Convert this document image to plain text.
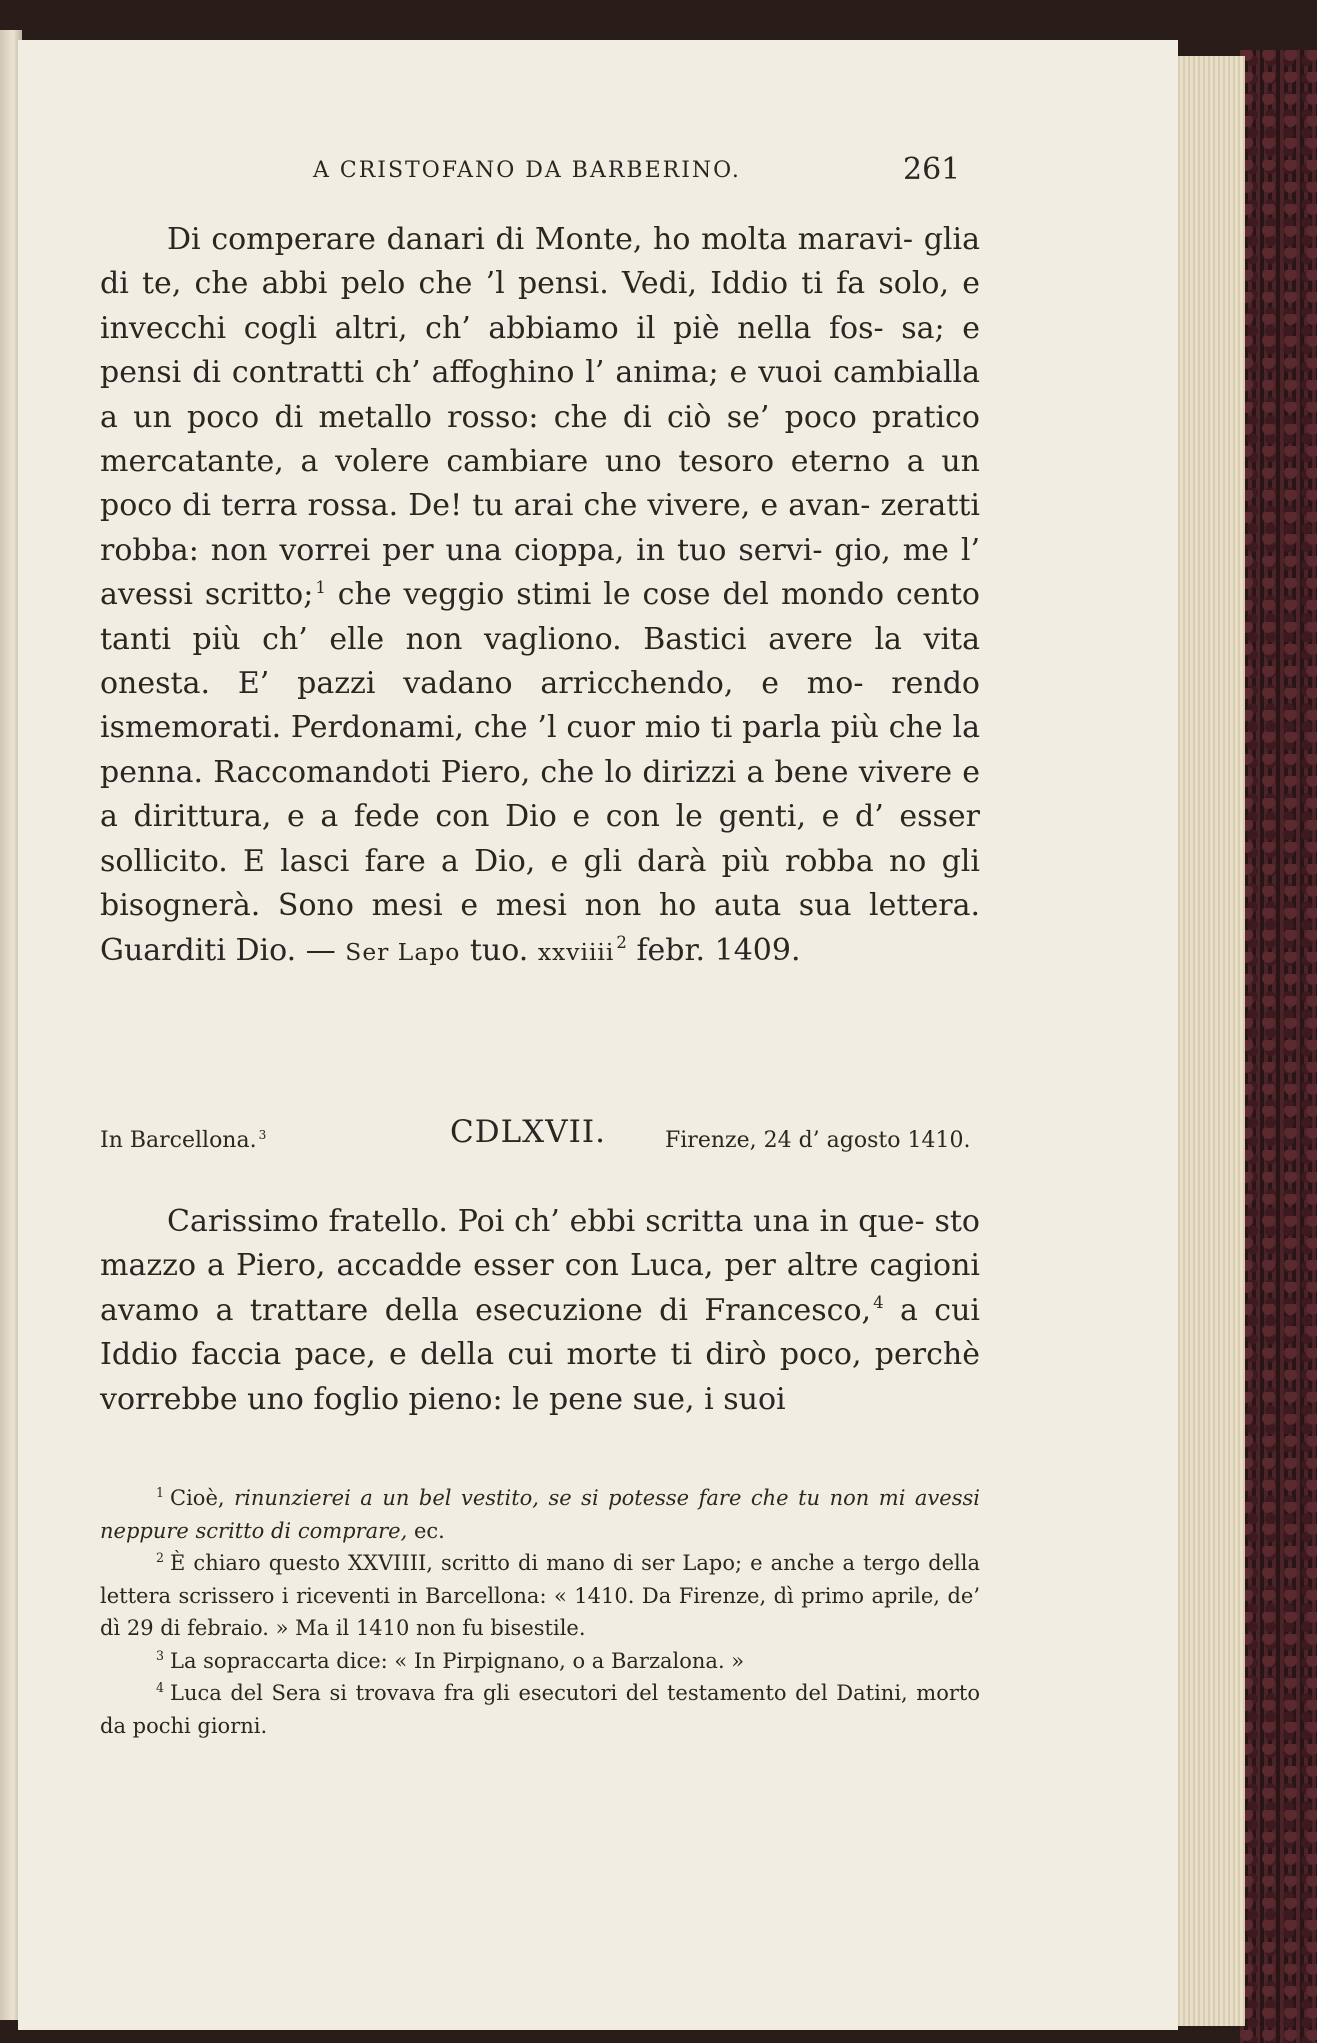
A CRISTOFANO DA BARBERINO.	261

Di comperare danari di Monte, ho molta maravi- glia di te, che abbi pelo che ’l pensi. Vedi, Iddio ti fa solo, e invecchi cogli altri, ch’ abbiamo il piè nella fos- sa; e pensi di contratti ch’ affoghino l’ anima; e vuoi cambialla a un poco di metallo rosso: che di ciò se’ poco pratico mercatante, a volere cambiare uno tesoro eterno a un poco di terra rossa. De! tu arai che vivere, e avan- zeratti robba: non vorrei per una cioppa, in tuo servi- gio, me l’ avessi scritto; $^1$ che veggio stimi le cose del mondo cento tanti più ch’ elle non vagliono. Bastici avere la vita onesta. E’ pazzi vadano arricchendo, e mo- rendo ismemorati. Perdonami, che ’l cuor mio ti parla più che la penna. Raccomandoti Piero, che lo dirizzi a bene vivere e a dirittura, e a fede con Dio e con le genti, e d’ esser sollicito. E lasci fare a Dio, e gli darà più robba no gli bisognerà. Sono mesi e mesi non ho auta sua lettera. Guarditi Dio. — Ser Lapo tuo. xxviiii $^2$ febr. 1409.

In Barcellona. $^3$	CDLXVII.	Firenze, 24 d’ agosto 1410.

Carissimo fratello. Poi ch’ ebbi scritta una in que- sto mazzo a Piero, accadde esser con Luca, per altre cagioni avamo a trattare della esecuzione di Francesco, $^4$ a cui Iddio faccia pace, e della cui morte ti dirò poco, perchè vorrebbe uno foglio pieno: le pene sue, i suoi

$^1$ Cioè, rinunzierei a un bel vestito, se si potesse fare che tu non mi avessi neppure scritto di comprare, ec.

$^2$ È chiaro questo XXVIIII, scritto di mano di ser Lapo; e anche a tergo della lettera scrissero i riceventi in Barcellona: « 1410. Da Firenze, dì primo aprile, de’ dì 29 di febraio. » Ma il 1410 non fu bisestile.

$^3$ La sopraccarta dice: « In Pirpignano, o a Barzalona. »

$^4$ Luca del Sera si trovava fra gli esecutori del testamento del Datini, morto da pochi giorni.
